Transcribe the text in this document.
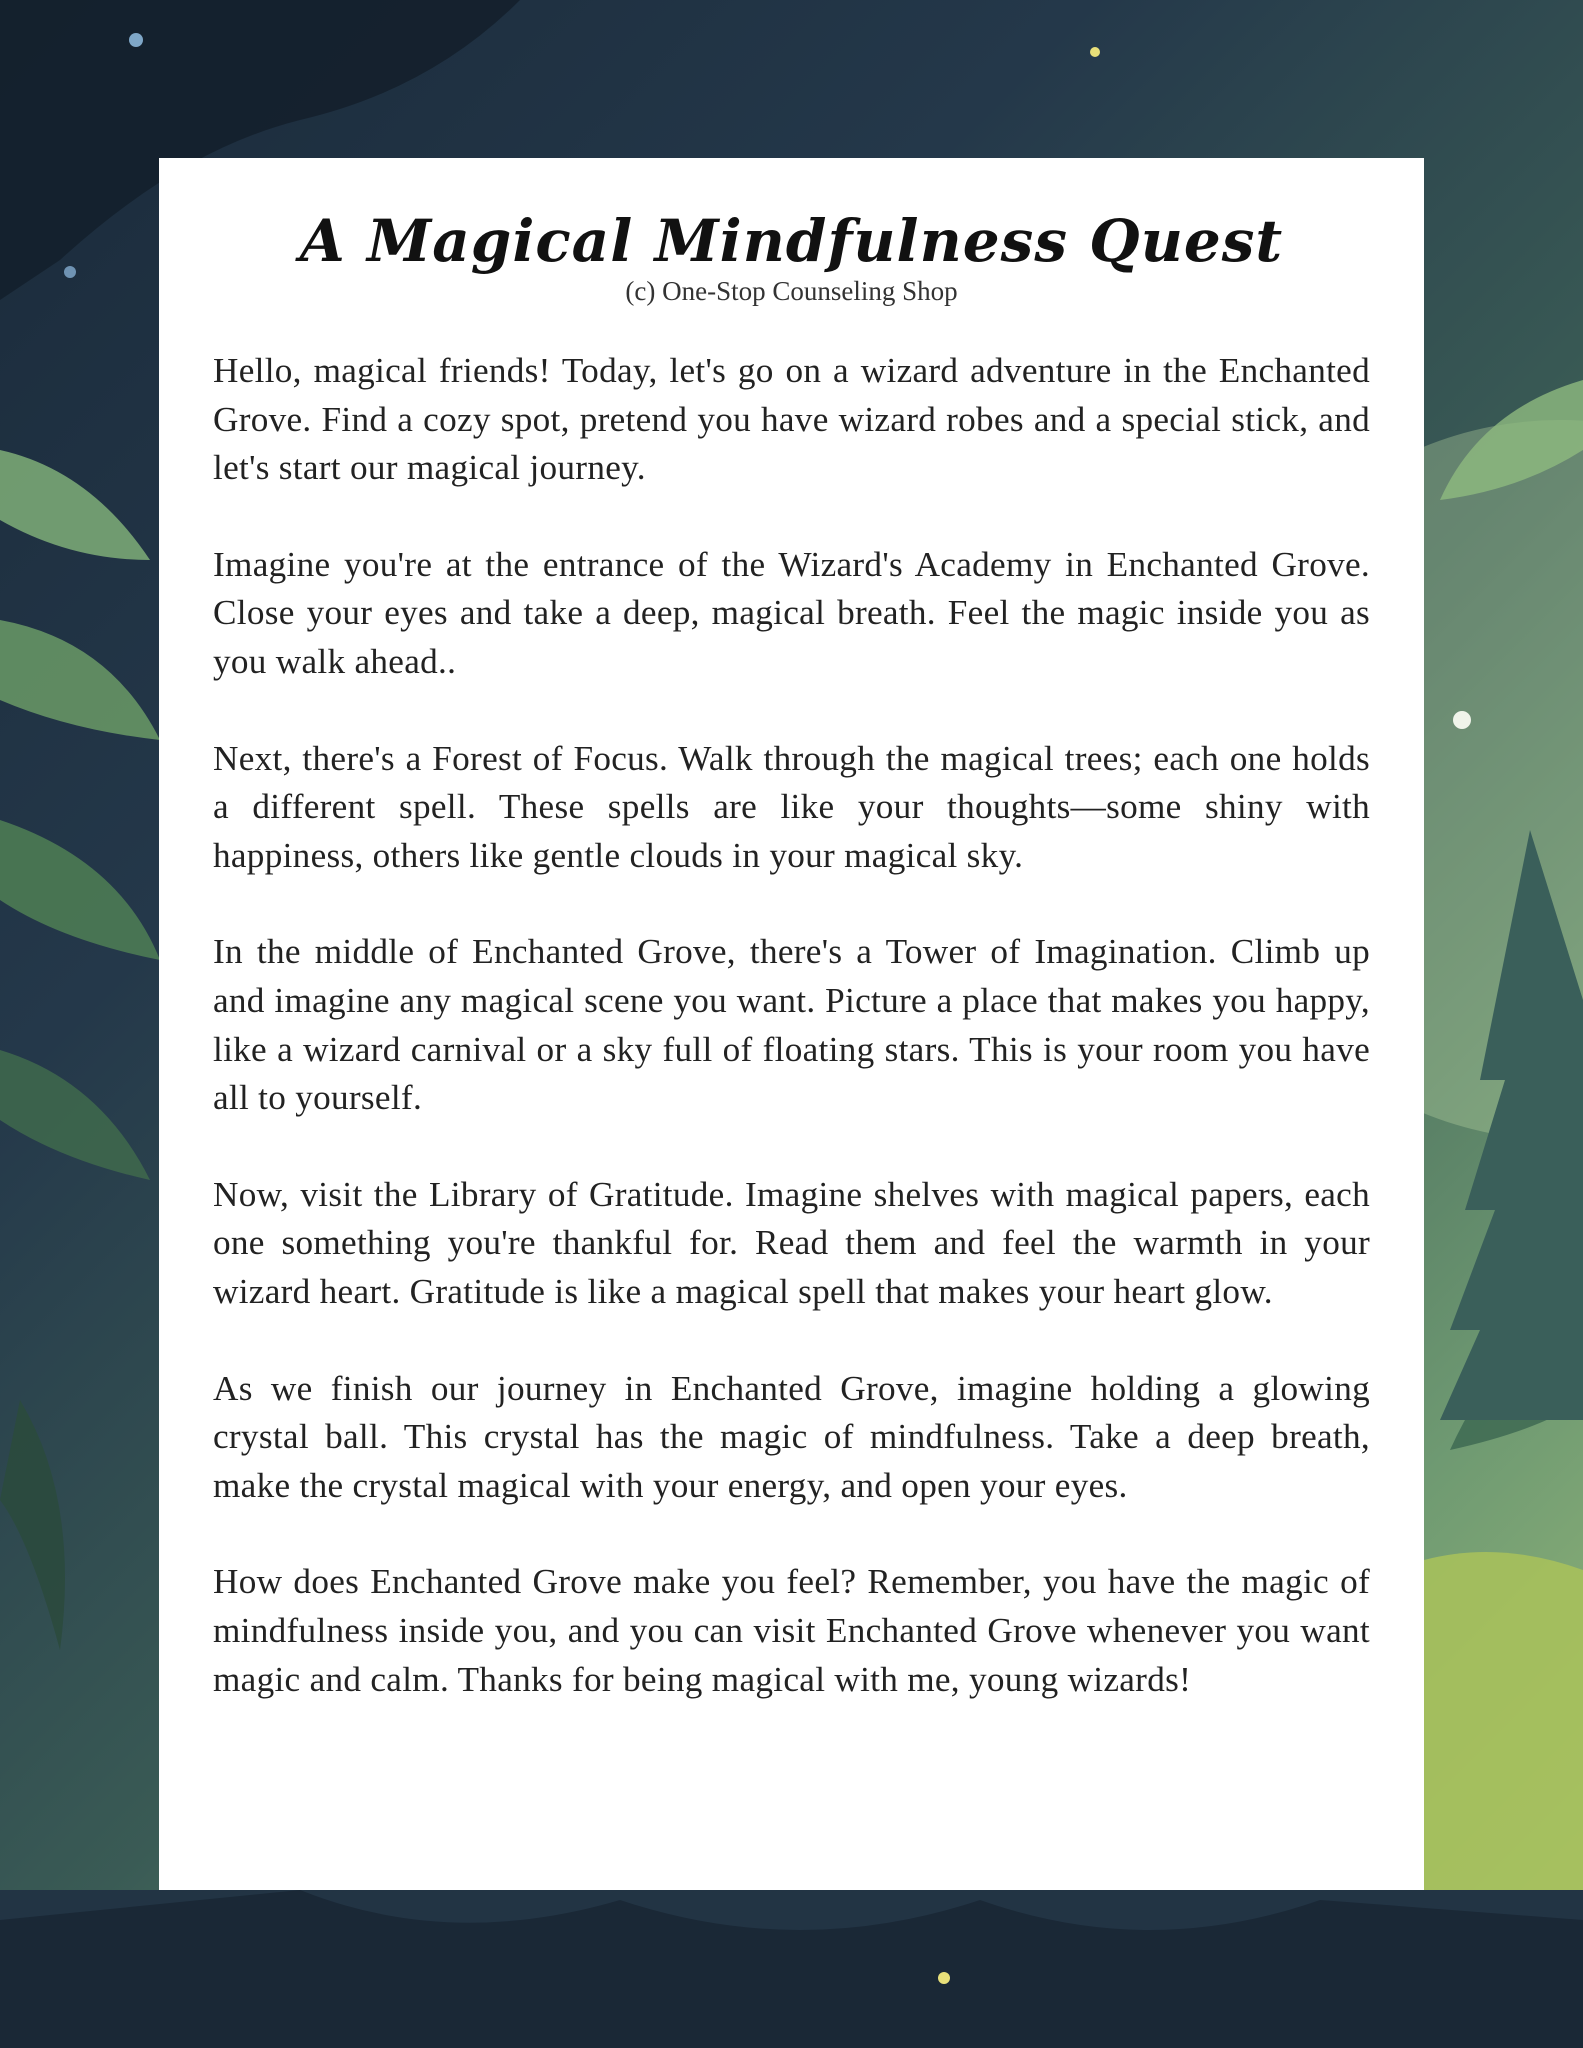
A Magical Mindfulness Quest

(c) One-Stop Counseling Shop

Hello, magical friends! Today, let's go on a wizard adventure in the Enchanted Grove. Find a cozy spot, pretend you have wizard robes and a special stick, and let's start our magical journey.

Imagine you're at the entrance of the Wizard's Academy in Enchanted Grove. Close your eyes and take a deep, magical breath. Feel the magic inside you as you walk ahead..

Next, there's a Forest of Focus. Walk through the magical trees; each one holds a different spell. These spells are like your thoughts—some shiny with happiness, others like gentle clouds in your magical sky.

In the middle of Enchanted Grove, there's a Tower of Imagination. Climb up and imagine any magical scene you want. Picture a place that makes you happy, like a wizard carnival or a sky full of floating stars. This is your room you have all to yourself.

Now, visit the Library of Gratitude. Imagine shelves with magical papers, each one something you're thankful for. Read them and feel the warmth in your wizard heart. Gratitude is like a magical spell that makes your heart glow.

As we finish our journey in Enchanted Grove, imagine holding a glowing crystal ball. This crystal has the magic of mindfulness. Take a deep breath, make the crystal magical with your energy, and open your eyes.

How does Enchanted Grove make you feel? Remember, you have the magic of mindfulness inside you, and you can visit Enchanted Grove whenever you want magic and calm. Thanks for being magical with me, young wizards!
